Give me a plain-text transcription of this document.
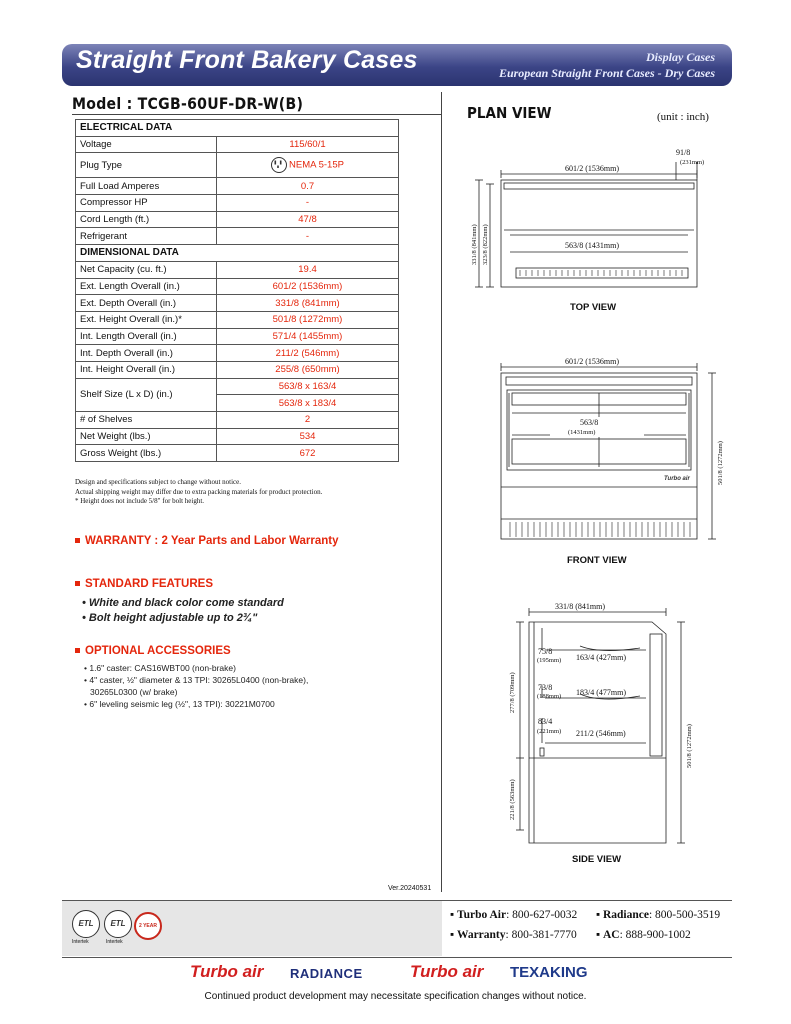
Straight Front Bakery Cases	Display Cases
European Straight Front Cases - Dry Cases
Model : TCGB-60UF-DR-W(B)
ELECTRICAL DATA	
Voltage	115/60/1
Plug Type	NEMA 5-15P
Full Load Amperes	0.7
Compressor HP	-
Cord Length (ft.)	47/8
Refrigerant	-
DIMENSIONAL DATA	
Net Capacity (cu. ft.)	19.4
Ext. Length Overall (in.)	601/2 (1536mm)
Ext. Depth Overall (in.)	331/8 (841mm)
Ext. Height Overall (in.)*	501/8 (1272mm)
Int. Length Overall (in.)	571/4 (1455mm)
Int. Depth Overall (in.)	211/2 (546mm)
Int. Height Overall (in.)	255/8 (650mm)
Shelf Size (L x D) (in.)	563/8 x 163/4
	563/8 x 183/4
# of Shelves	2
Net Weight (lbs.)	534
Gross Weight (lbs.)	672
Design and specifications subject to change without notice.
Actual shipping weight may differ due to extra packing materials for product protection.
* Height does not include 5/8" for bolt height.
WARRANTY : 2 Year Parts and Labor Warranty
STANDARD FEATURES
• White and black color come standard
• Bolt height adjustable up to 2¾"
OPTIONAL ACCESSORIES
• 1.6" caster: CAS16WBT00 (non-brake)
• 4" caster, ½" diameter & 13 TPI: 30265L0400 (non-brake),
30265L0300 (w/ brake)
• 6" leveling seismic leg (½", 13 TPI): 30221M0700
PLAN VIEW	(unit : inch)
601/2 (1536mm)
91/8
(231mm)
563/8 (1431mm)
331/8 (841mm) 323/8 (822mm)
TOP VIEW
563/8
(1431mm)
601/2 (1536mm)
Turbo air	501/8 (1272mm)
FRONT VIEW
331/8 (841mm)
75/8
(195mm) 163/4 (427mm)
73/8
(188mm) 183/4 (477mm)
83/4
(221mm) 211/2 (546mm)
277/8 (709mm)
221/8 (563mm)
501/8 (1272mm)
SIDE VIEW
Ver.20240531
ETL
Intertek
ETL
Intertek
2 YEAR
▪ Turbo Air: 800-627-0032 ▪ Radiance: 800-500-3519
▪ Warranty: 800-381-7770 ▪ AC: 888-900-1002
Turbo air RADIANCE	Turbo air TEXAKING
Continued product development may necessitate specification changes without notice.
